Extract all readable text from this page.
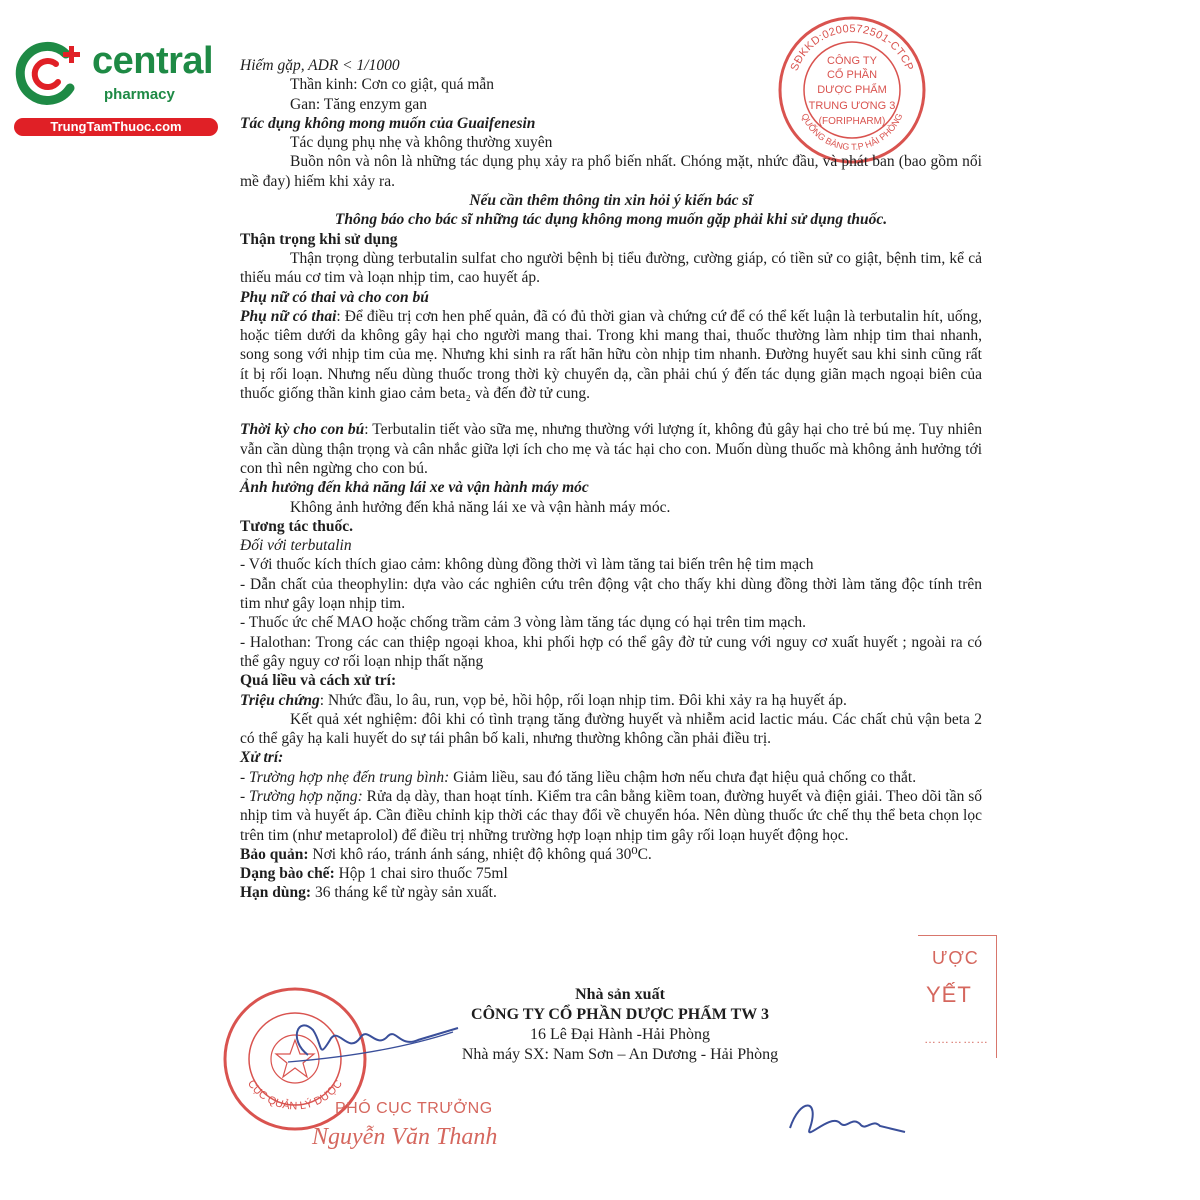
central
pharmacy
TrungTamThuoc.com
SĐKKD:0200572501-CTCP
QUỐNG BÀNG T.P HẢI PHÒNG
CÔNG TY
CỔ PHẦN
DƯỢC PHẨM
TRUNG ƯƠNG 3
(FORIPHARM)

Hiếm gặp, ADR < 1/1000

Thần kinh: Cơn co giật, quá mẫn

Gan: Tăng enzym gan

Tác dụng không mong muốn của Guaifenesin

Tác dụng phụ nhẹ và không thường xuyên

Buồn nôn và nôn là những tác dụng phụ xảy ra phổ biến nhất. Chóng mặt, nhức đầu, và phát ban (bao gồm nổi mề đay) hiếm khi xảy ra.

Nếu cần thêm thông tin xin hỏi ý kiến bác sĩ

Thông báo cho bác sĩ những tác dụng không mong muốn gặp phải khi sử dụng thuốc.

Thận trọng khi sử dụng

Thận trọng dùng terbutalin sulfat cho người bệnh bị tiểu đường, cường giáp, có tiền sử co giật, bệnh tim, kể cả thiếu máu cơ tim và loạn nhịp tim, cao huyết áp.

Phụ nữ có thai và cho con bú

Phụ nữ có thai: Để điều trị cơn hen phế quản, đã có đủ thời gian và chứng cứ để có thể kết luận là terbutalin hít, uống, hoặc tiêm dưới da không gây hại cho người mang thai. Trong khi mang thai, thuốc thường làm nhịp tim thai nhanh, song song với nhịp tim của mẹ. Nhưng khi sinh ra rất hãn hữu còn nhịp tim nhanh. Đường huyết sau khi sinh cũng rất ít bị rối loạn. Nhưng nếu dùng thuốc trong thời kỳ chuyển dạ, cần phải chú ý đến tác dụng giãn mạch ngoại biên của thuốc giống thần kinh giao cảm beta₂ và đến đờ tử cung.

Thời kỳ cho con bú: Terbutalin tiết vào sữa mẹ, nhưng thường với lượng ít, không đủ gây hại cho trẻ bú mẹ. Tuy nhiên vẫn cần dùng thận trọng và cân nhắc giữa lợi ích cho mẹ và tác hại cho con. Muốn dùng thuốc mà không ảnh hưởng tới con thì nên ngừng cho con bú.

Ảnh hưởng đến khả năng lái xe và vận hành máy móc

Không ảnh hưởng đến khả năng lái xe và vận hành máy móc.

Tương tác thuốc.

Đối với terbutalin

- Với thuốc kích thích giao cảm: không dùng đồng thời vì làm tăng tai biến trên hệ tim mạch

- Dẫn chất của theophylin: dựa vào các nghiên cứu trên động vật cho thấy khi dùng đồng thời làm tăng độc tính trên tim như gây loạn nhịp tim.

- Thuốc ức chế MAO hoặc chống trầm cảm 3 vòng làm tăng tác dụng có hại trên tim mạch.

- Halothan: Trong các can thiệp ngoại khoa, khi phối hợp có thể gây đờ tử cung với nguy cơ xuất huyết ; ngoài ra có thể gây nguy cơ rối loạn nhịp thất nặng

Quá liều và cách xử trí:

Triệu chứng: Nhức đầu, lo âu, run, vọp bẻ, hồi hộp, rối loạn nhịp tim. Đôi khi xảy ra hạ huyết áp.

Kết quả xét nghiệm: đôi khi có tình trạng tăng đường huyết và nhiễm acid lactic máu. Các chất chủ vận beta 2 có thể gây hạ kali huyết do sự tái phân bố kali, nhưng thường không cần phải điều trị.

Xử trí:

- Trường hợp nhẹ đến trung bình: Giảm liều, sau đó tăng liều chậm hơn nếu chưa đạt hiệu quả chống co thắt.

- Trường hợp nặng: Rửa dạ dày, than hoạt tính. Kiểm tra cân bằng kiềm toan, đường huyết và điện giải. Theo dõi tần số nhịp tim và huyết áp. Cần điều chỉnh kịp thời các thay đổi về chuyển hóa. Nên dùng thuốc ức chế thụ thể beta chọn lọc trên tim (như metaprolol) để điều trị những trường hợp loạn nhịp tim gây rối loạn huyết động học.

Bảo quản: Nơi khô ráo, tránh ánh sáng, nhiệt độ không quá 30⁰C.

Dạng bào chế: Hộp 1 chai siro thuốc 75ml

Hạn dùng: 36 tháng kể từ ngày sản xuất.

Nhà sản xuất
CÔNG TY CỔ PHẦN DƯỢC PHẨM TW 3
16 Lê Đại Hành -Hải Phòng
Nhà máy SX: Nam Sơn – An Dương - Hải Phòng
ƯỢC
YẾT
……………
CỤC QUẢN LÝ DƯỢC
PHÓ CỤC TRƯỞNG
Nguyễn Văn Thanh
